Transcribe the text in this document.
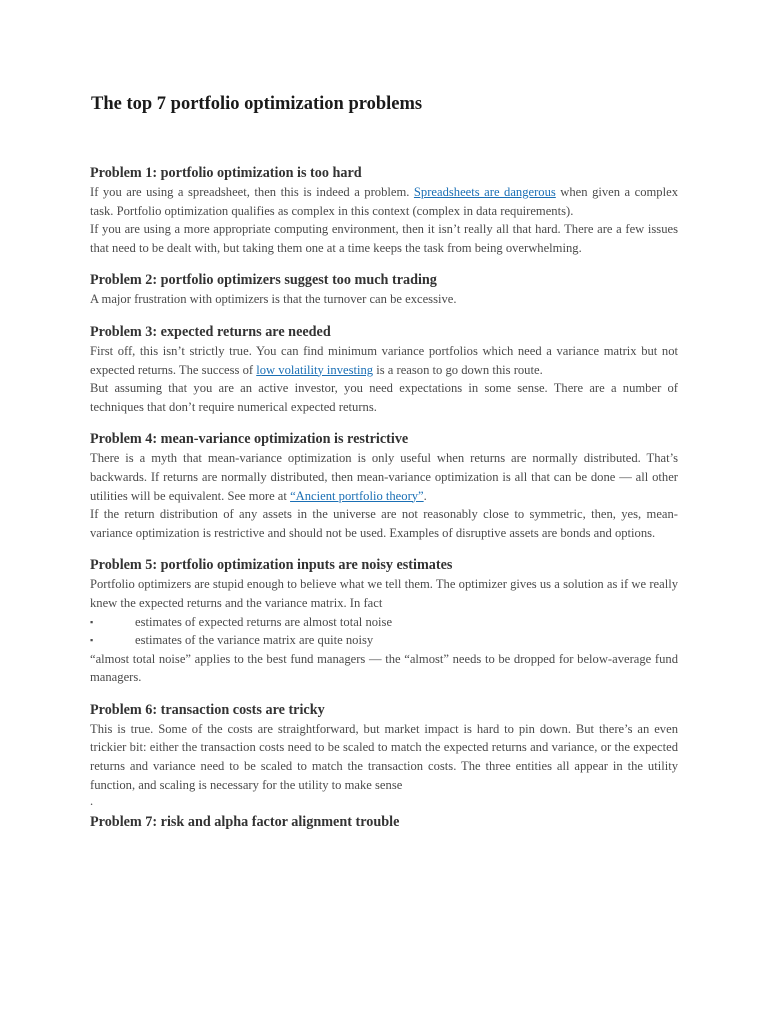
The top 7 portfolio optimization problems

Problem 1: portfolio optimization is too hard

If you are using a spreadsheet, then this is indeed a problem. Spreadsheets are dangerous when given a complex task. Portfolio optimization qualifies as complex in this context (complex in data requirements).

If you are using a more appropriate computing environment, then it isn’t really all that hard. There are a few issues that need to be dealt with, but taking them one at a time keeps the task from being overwhelming.

Problem 2: portfolio optimizers suggest too much trading

A major frustration with optimizers is that the turnover can be excessive.

Problem 3: expected returns are needed

First off, this isn’t strictly true. You can find minimum variance portfolios which need a variance matrix but not expected returns. The success of low volatility investing is a reason to go down this route.

But assuming that you are an active investor, you need expectations in some sense. There are a number of techniques that don’t require numerical expected returns.

Problem 4: mean-variance optimization is restrictive

There is a myth that mean-variance optimization is only useful when returns are normally distributed. That’s backwards. If returns are normally distributed, then mean-variance optimization is all that can be done — all other utilities will be equivalent. See more at “Ancient portfolio theory”.

If the return distribution of any assets in the universe are not reasonably close to symmetric, then, yes, mean-variance optimization is restrictive and should not be used. Examples of disruptive assets are bonds and options.

Problem 5: portfolio optimization inputs are noisy estimates

Portfolio optimizers are stupid enough to believe what we tell them. The optimizer gives us a solution as if we really knew the expected returns and the variance matrix. In fact

▪	estimates of expected returns are almost total noise
▪	estimates of the variance matrix are quite noisy

“almost total noise” applies to the best fund managers — the “almost” needs to be dropped for below-average fund managers.

Problem 6: transaction costs are tricky

This is true. Some of the costs are straightforward, but market impact is hard to pin down. But there’s an even trickier bit: either the transaction costs need to be scaled to match the expected returns and variance, or the expected returns and variance need to be scaled to match the transaction costs. The three entities all appear in the utility function, and scaling is necessary for the utility to make sense

.

Problem 7: risk and alpha factor alignment trouble
